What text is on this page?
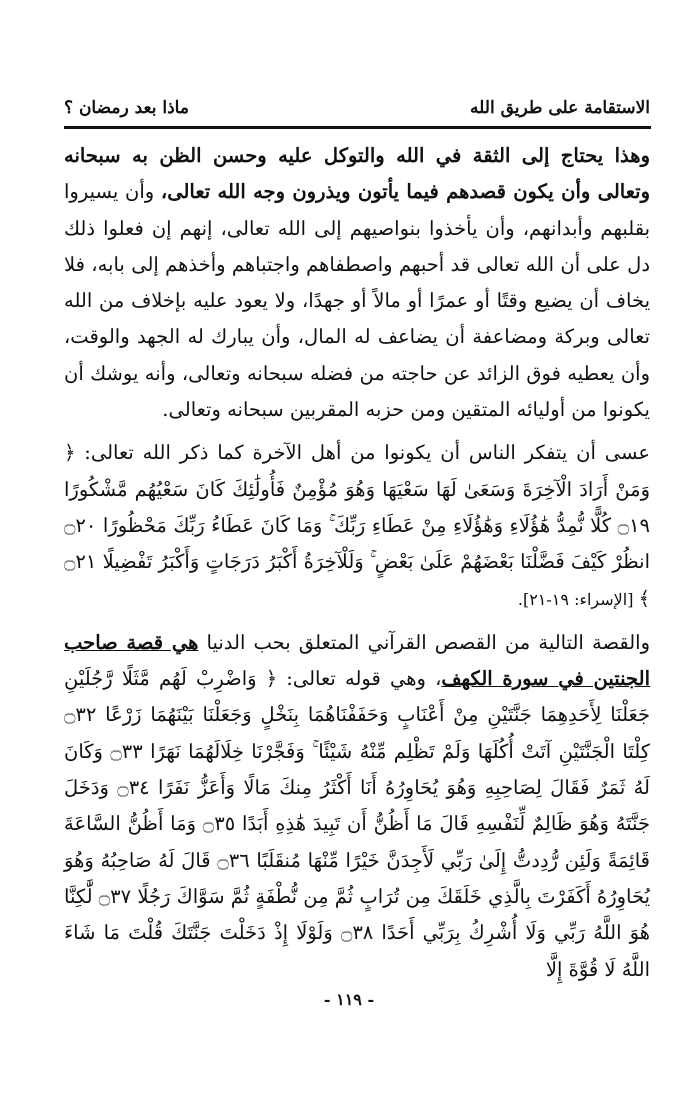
الاستقامة على طريق الله
ماذا بعد رمضان ؟

وهذا يحتاج إلى الثقة في الله والتوكل عليه وحسن الظن به سبحانه وتعالى وأن يكون قصدهم فيما يأتون ويذرون وجه الله تعالى، وأن يسيروا بقلبهم وأبدانهم، وأن يأخذوا بنواصيهم إلى الله تعالى، إنهم إن فعلوا ذلك دل على أن الله تعالى قد أحبهم واصطفاهم واجتباهم وأخذهم إلى بابه، فلا يخاف أن يضيع وقتًا أو عمرًا أو مالاً أو جهدًا، ولا يعود عليه بإخلاف من الله تعالى وبركة ومضاعفة أن يضاعف له المال، وأن يبارك له الجهد والوقت، وأن يعطيه فوق الزائد عن حاجته من فضله سبحانه وتعالى، وأنه يوشك أن يكونوا من أوليائه المتقين ومن حزبه المقربين سبحانه وتعالى.

عسى أن يتفكر الناس أن يكونوا من أهل الآخرة كما ذكر الله تعالى: ﴿ وَمَنْ أَرَادَ الْآخِرَةَ وَسَعَىٰ لَهَا سَعْيَهَا وَهُوَ مُؤْمِنٌ فَأُولَٰئِكَ كَانَ سَعْيُهُم مَّشْكُورًا ۝١٩ كُلًّا نُّمِدُّ هَٰؤُلَاءِ وَهَٰؤُلَاءِ مِنْ عَطَاءِ رَبِّكَ ۚ وَمَا كَانَ عَطَاءُ رَبِّكَ مَحْظُورًا ۝٢٠ انظُرْ كَيْفَ فَضَّلْنَا بَعْضَهُمْ عَلَىٰ بَعْضٍ ۚ وَلَلْآخِرَةُ أَكْبَرُ دَرَجَاتٍ وَأَكْبَرُ تَفْضِيلًا ۝٢١ ﴾ [الإسراء: ١٩-٢١].

والقصة التالية من القصص القرآني المتعلق بحب الدنيا هي قصة صاحب الجنتين في سورة الكهف، وهي قوله تعالى: ﴿ وَاضْرِبْ لَهُم مَّثَلًا رَّجُلَيْنِ جَعَلْنَا لِأَحَدِهِمَا جَنَّتَيْنِ مِنْ أَعْنَابٍ وَحَفَفْنَاهُمَا بِنَخْلٍ وَجَعَلْنَا بَيْنَهُمَا زَرْعًا ۝٣٢ كِلْتَا الْجَنَّتَيْنِ آتَتْ أُكُلَهَا وَلَمْ تَظْلِم مِّنْهُ شَيْئًا ۚ وَفَجَّرْنَا خِلَالَهُمَا نَهَرًا ۝٣٣ وَكَانَ لَهُ ثَمَرٌ فَقَالَ لِصَاحِبِهِ وَهُوَ يُحَاوِرُهُ أَنَا أَكْثَرُ مِنكَ مَالًا وَأَعَزُّ نَفَرًا ۝٣٤ وَدَخَلَ جَنَّتَهُ وَهُوَ ظَالِمٌ لِّنَفْسِهِ قَالَ مَا أَظُنُّ أَن تَبِيدَ هَٰذِهِ أَبَدًا ۝٣٥ وَمَا أَظُنُّ السَّاعَةَ قَائِمَةً وَلَئِن رُّدِدتُّ إِلَىٰ رَبِّي لَأَجِدَنَّ خَيْرًا مِّنْهَا مُنقَلَبًا ۝٣٦ قَالَ لَهُ صَاحِبُهُ وَهُوَ يُحَاوِرُهُ أَكَفَرْتَ بِالَّذِي خَلَقَكَ مِن تُرَابٍ ثُمَّ مِن نُّطْفَةٍ ثُمَّ سَوَّاكَ رَجُلًا ۝٣٧ لَّٰكِنَّا هُوَ اللَّهُ رَبِّي وَلَا أُشْرِكُ بِرَبِّي أَحَدًا ۝٣٨ وَلَوْلَا إِذْ دَخَلْتَ جَنَّتَكَ قُلْتَ مَا شَاءَ اللَّهُ لَا قُوَّةَ إِلَّا

- ١١٩ -
